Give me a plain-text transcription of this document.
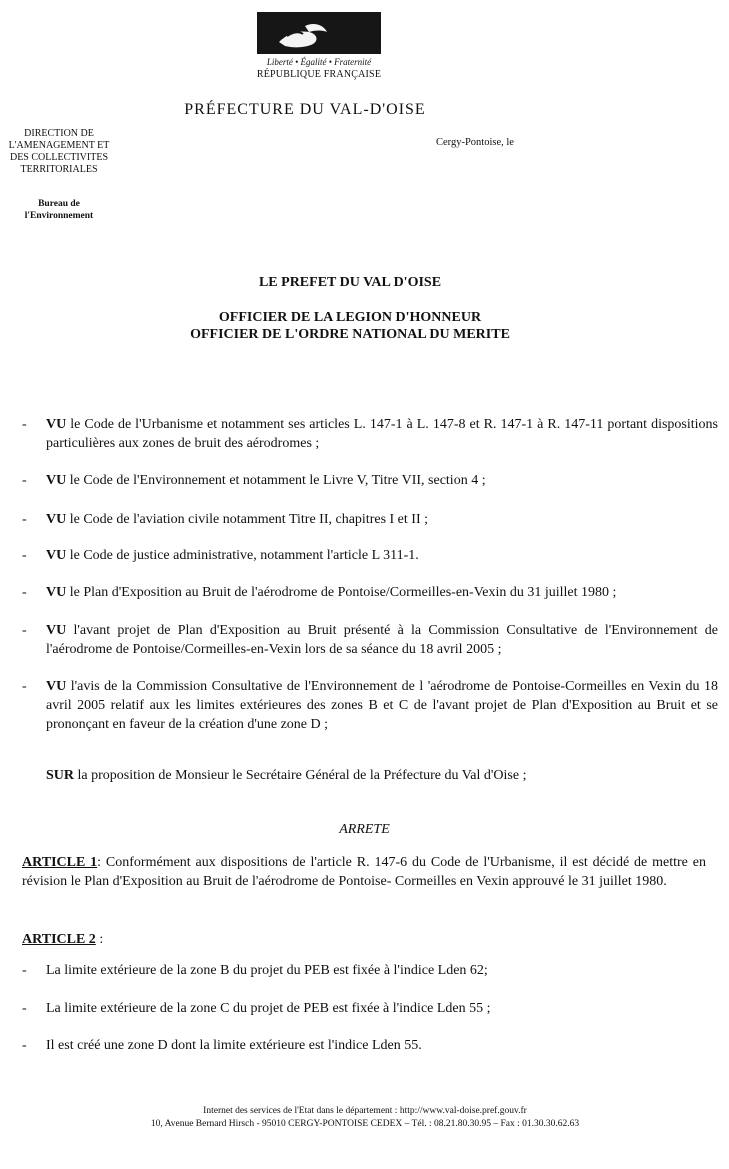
Liberté • Égalité • Fraternité
RÉPUBLIQUE FRANÇAISE
PRÉFECTURE DU VAL-D'OISE
DIRECTION DE
L'AMENAGEMENT ET
DES COLLECTIVITES
TERRITORIALES
Bureau de
l'Environnement
Cergy-Pontoise, le
LE PREFET DU VAL D'OISE
OFFICIER DE LA LEGION D'HONNEUR
OFFICIER DE L'ORDRE NATIONAL DU MERITE
-	VU le Code de l'Urbanisme et notamment ses articles L. 147-1 à L. 147-8 et R. 147-1 à R. 147-11 portant dispositions particulières aux zones de bruit des aérodromes ;
-	VU le Code de l'Environnement et notamment le Livre V, Titre VII, section 4 ;
-	VU le Code de l'aviation civile notamment Titre II, chapitres I et II ;
-	VU le Code de justice administrative, notamment l'article L 311-1.
-	VU le Plan d'Exposition au Bruit de l'aérodrome de Pontoise/Cormeilles-en-Vexin du 31 juillet 1980 ;
-	VU l'avant projet de Plan d'Exposition au Bruit présenté à la Commission Consultative de l'Environnement de l'aérodrome de Pontoise/Cormeilles-en-Vexin lors de sa séance du 18 avril 2005 ;
-	VU l'avis de la Commission Consultative de l'Environnement de l 'aérodrome de Pontoise-Cormeilles en Vexin du 18 avril 2005 relatif aux les limites extérieures des zones B et C de l'avant projet de Plan d'Exposition au Bruit et se prononçant en faveur de la création d'une zone D ;
SUR la proposition de Monsieur le Secrétaire Général de la Préfecture du Val d'Oise ;
ARRETE
ARTICLE 1: Conformément aux dispositions de l'article R. 147-6 du Code de l'Urbanisme, il est décidé de mettre en révision le Plan d'Exposition au Bruit de l'aérodrome de Pontoise- Cormeilles en Vexin approuvé le 31 juillet 1980.
ARTICLE 2 :
-	La limite extérieure de la zone B du projet du PEB est fixée à l'indice Lden 62;
-	La limite extérieure de la zone C du projet de PEB est fixée à l'indice Lden 55 ;
-	Il est créé une zone D dont la limite extérieure est l'indice Lden 55.
Internet des services de l'Etat dans le département : http://www.val-doise.pref.gouv.fr
10, Avenue Bernard Hirsch - 95010 CERGY-PONTOISE CEDEX – Tél. : 08.21.80.30.95 – Fax : 01.30.30.62.63
